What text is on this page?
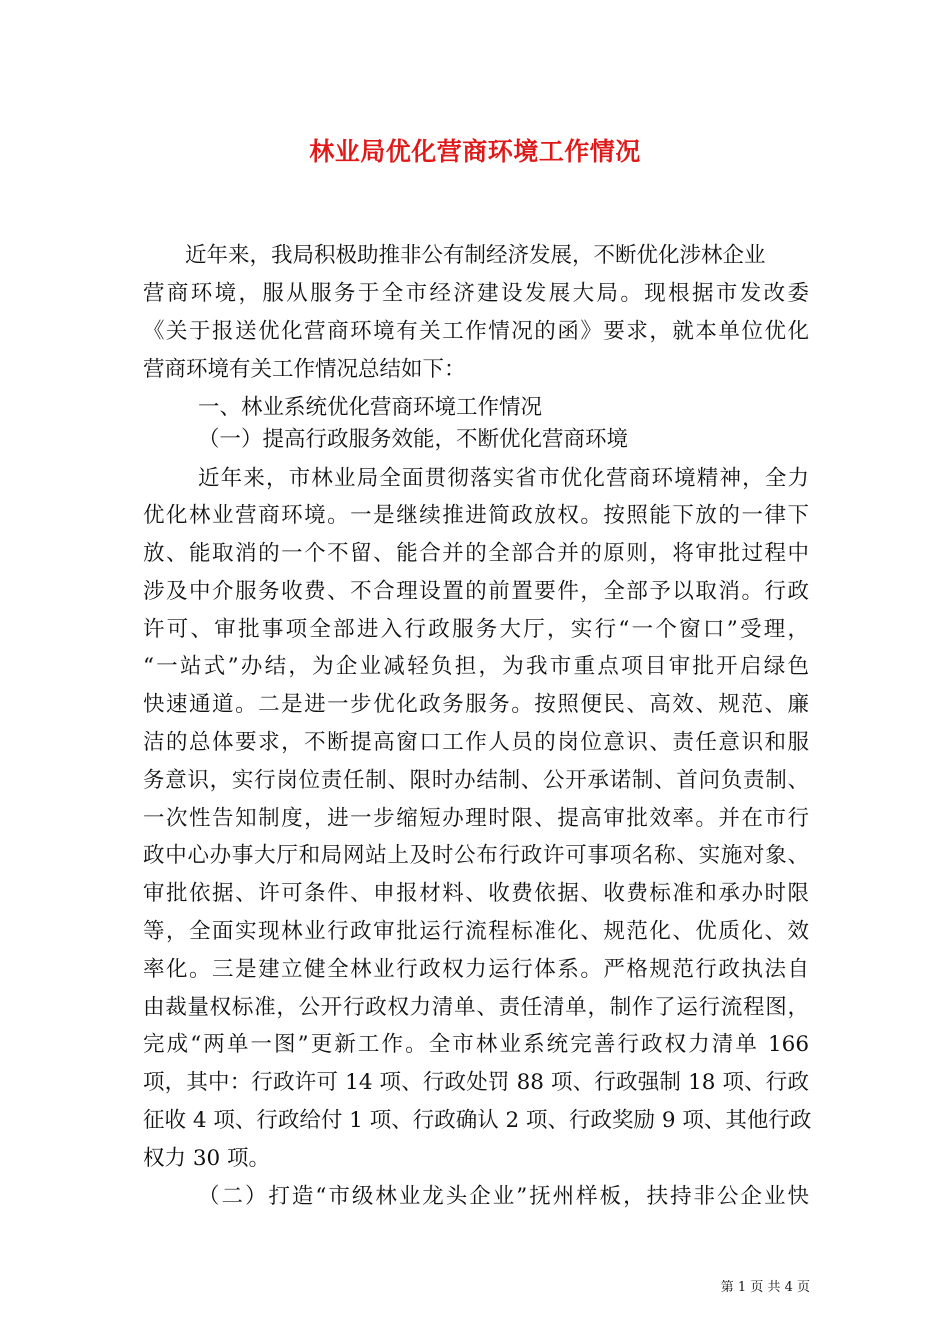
林业局优化营商环境工作情况
近年来，我局积极助推非公有制经济发展，不断优化涉林企业
营商环境，服从服务于全市经济建设发展大局。现根据市发改委
《关于报送优化营商环境有关工作情况的函》要求，就本单位优化
营商环境有关工作情况总结如下：
一、林业系统优化营商环境工作情况
（一）提高行政服务效能，不断优化营商环境
近年来，市林业局全面贯彻落实省市优化营商环境精神，全力
优化林业营商环境。一是继续推进简政放权。按照能下放的一律下
放、能取消的一个不留、能合并的全部合并的原则，将审批过程中
涉及中介服务收费、不合理设置的前置要件，全部予以取消。行政
许可、审批事项全部进入行政服务大厅，实行“一个窗口”受理，
“一站式”办结，为企业减轻负担，为我市重点项目审批开启绿色
快速通道。二是进一步优化政务服务。按照便民、高效、规范、廉
洁的总体要求，不断提高窗口工作人员的岗位意识、责任意识和服
务意识，实行岗位责任制、限时办结制、公开承诺制、首问负责制、
一次性告知制度，进一步缩短办理时限、提高审批效率。并在市行
政中心办事大厅和局网站上及时公布行政许可事项名称、实施对象、
审批依据、许可条件、申报材料、收费依据、收费标准和承办时限
等，全面实现林业行政审批运行流程标准化、规范化、优质化、效
率化。三是建立健全林业行政权力运行体系。严格规范行政执法自
由裁量权标准，公开行政权力清单、责任清单，制作了运行流程图，
完成“两单一图”更新工作。全市林业系统完善行政权力清单 166
项，其中：行政许可 14 项、行政处罚 88 项、行政强制 18 项、行政
征收 4 项、行政给付 1 项、行政确认 2 项、行政奖励 9 项、其他行政
权力 30 项。
（二）打造“市级林业龙头企业”抚州样板，扶持非公企业快
第 1 页 共 4 页
